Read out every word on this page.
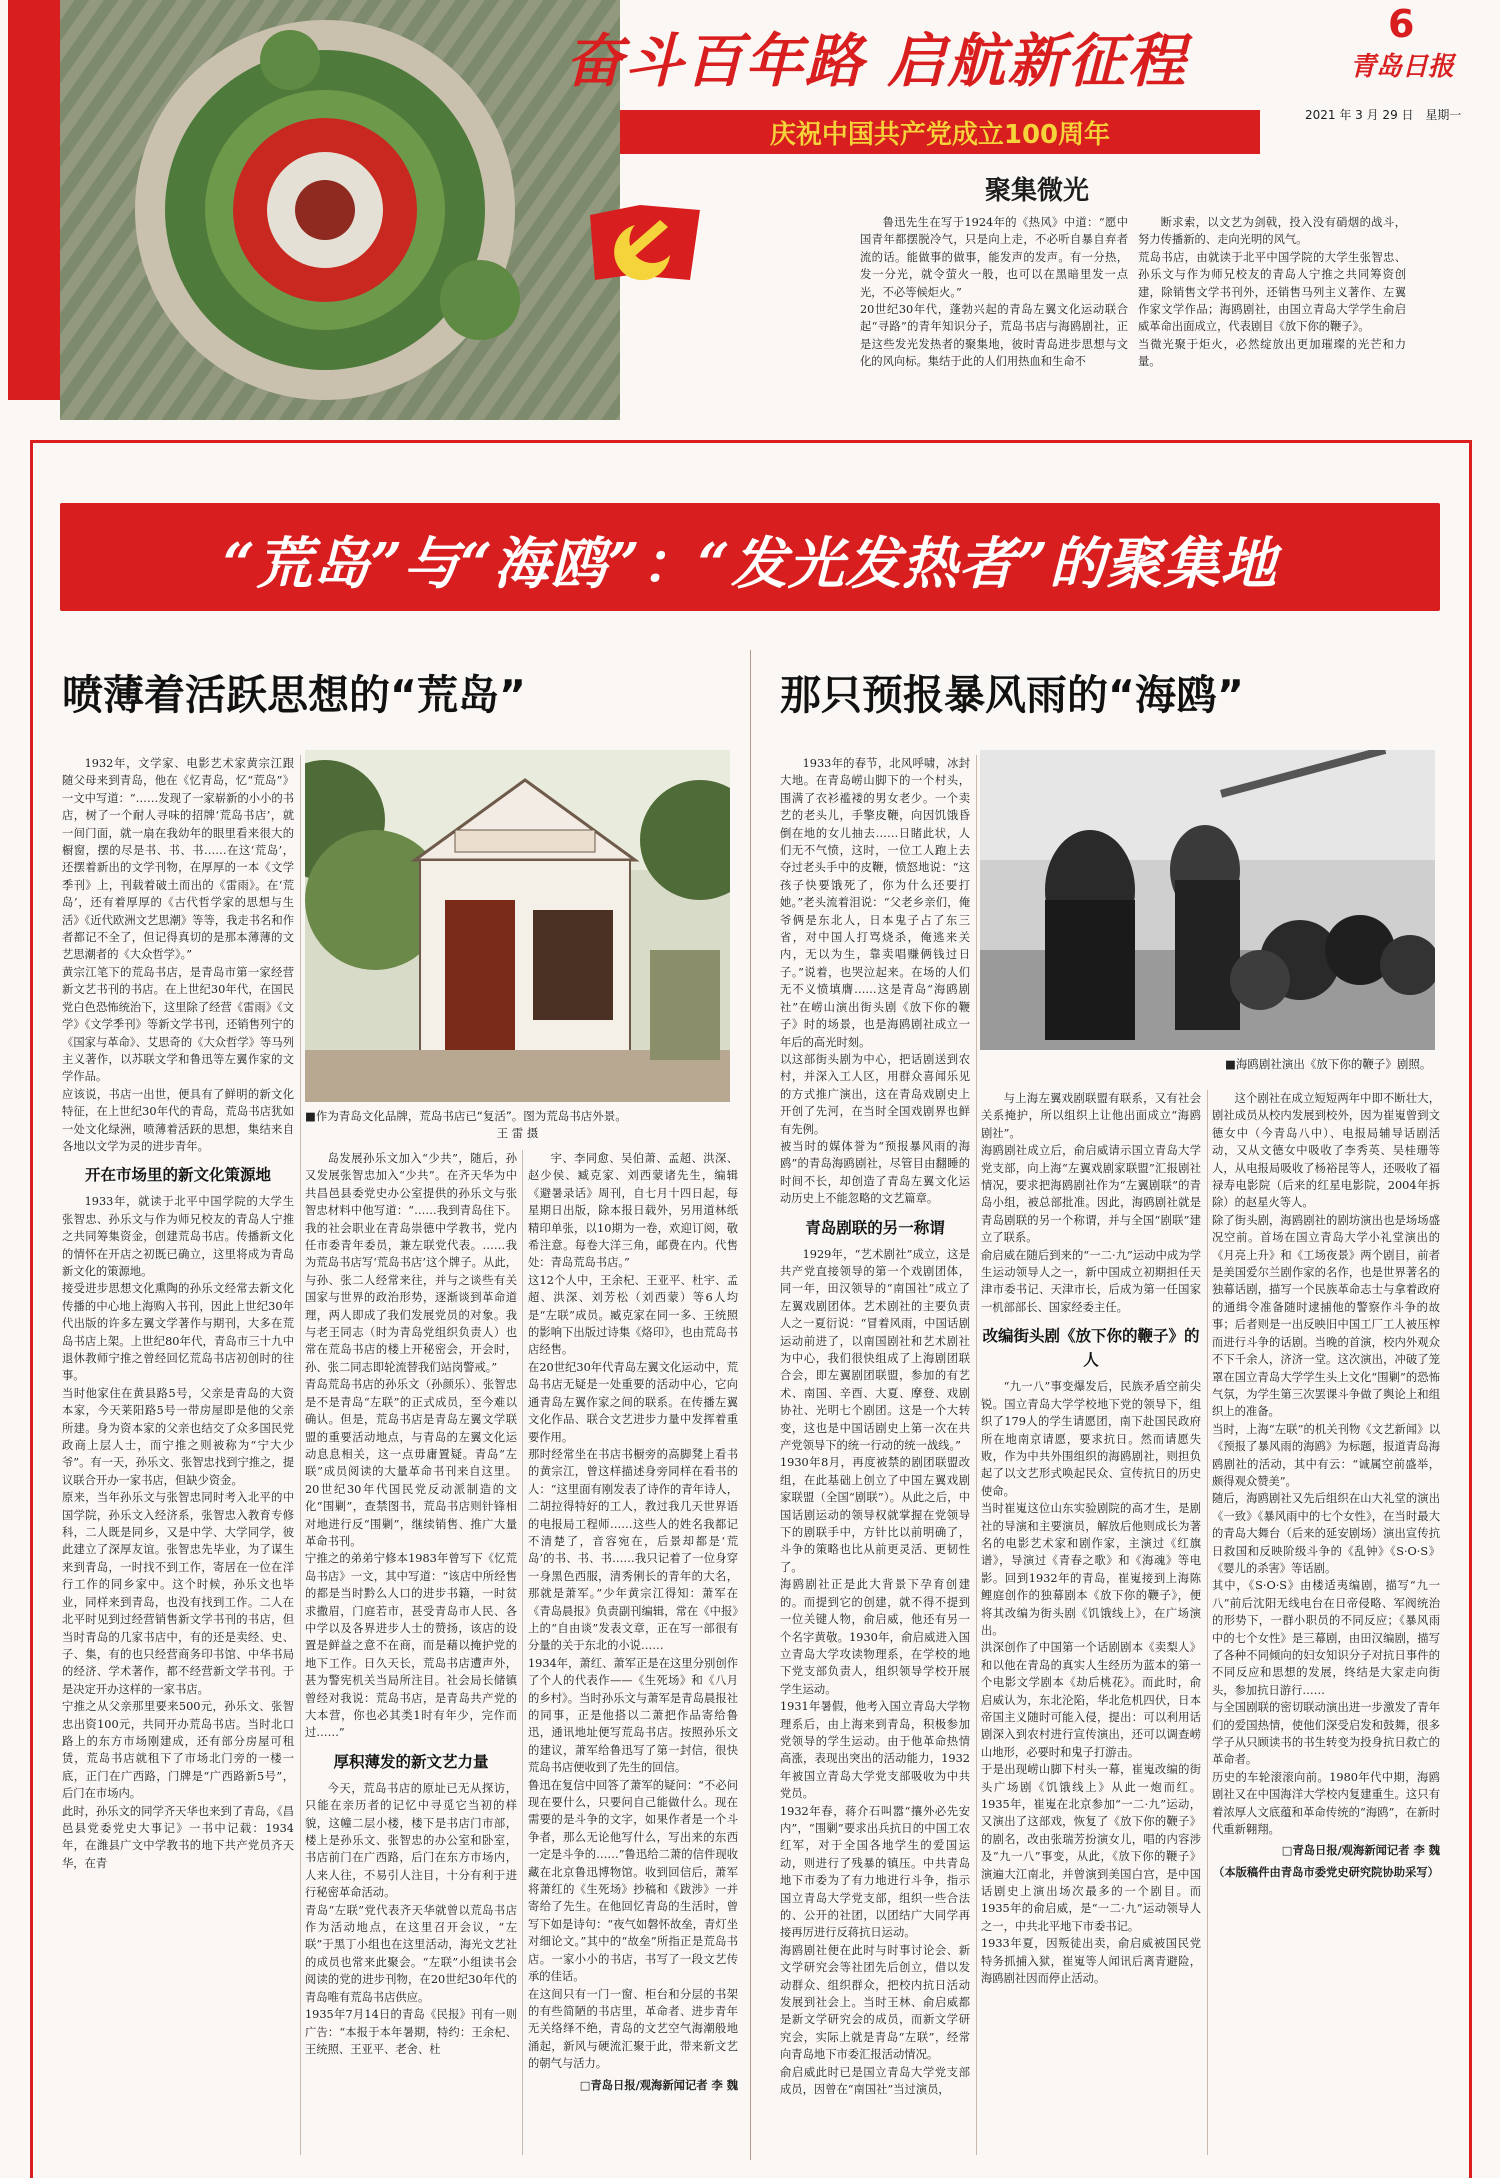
奋斗百年路 启航新征程
6
青岛日报
2021 年 3 月 29 日 星期一
庆祝中国共产党成立100周年
聚集微光

鲁迅先生在写于1924年的《热风》中道：“愿中国青年都摆脱冷气，只是向上走，不必听自暴自弃者流的话。能做事的做事，能发声的发声。有一分热，发一分光，就令萤火一般，也可以在黑暗里发一点光，不必等候炬火。”
20世纪30年代，蓬勃兴起的青岛左翼文化运动联合起“寻路”的青年知识分子，荒岛书店与海鸥剧社，正是这些发光发热者的聚集地，彼时青岛进步思想与文化的风向标。集结于此的人们用热血和生命不

断求索，以文艺为剑戟，投入没有硝烟的战斗，努力传播新的、走向光明的风气。
荒岛书店，由就读于北平中国学院的大学生张智忠、孙乐文与作为师兄校友的青岛人宁推之共同筹资创建，除销售文学书刊外，还销售马列主义著作、左翼作家文学作品；海鸥剧社，由国立青岛大学学生俞启威革命出面成立，代表剧目《放下你的鞭子》。
当微光聚于炬火，必然绽放出更加璀璨的光芒和力量。

“荒岛”与“海鸥”：“发光发热者”的聚集地
喷薄着活跃思想的“荒岛”
■作为青岛文化品牌，荒岛书店已“复活”。图为荒岛书店外景。
王 雷 摄

1932年，文学家、电影艺术家黄宗江跟随父母来到青岛，他在《忆青岛，忆“荒岛”》一文中写道：“……发现了一家崭新的小小的书店，树了一个耐人寻味的招牌‘荒岛书店’，就一间门面，就一扇在我幼年的眼里看来很大的橱窗，摆的尽是书、书、书……在这‘荒岛’，还摆着新出的文学刊物，在厚厚的一本《文学季刊》上，刊载着破土而出的《雷雨》。在‘荒岛’，还有着厚厚的《古代哲学家的思想与生活》《近代欧洲文艺思潮》等等，我走书名和作者都记不全了，但记得真切的是那本薄薄的文艺思潮者的《大众哲学》。”
黄宗江笔下的荒岛书店，是青岛市第一家经营新文艺书刊的书店。在上世纪30年代，在国民党白色恐怖统治下，这里除了经营《雷雨》《文学》《文学季刊》等新文学书刊，还销售列宁的《国家与革命》、艾思奇的《大众哲学》等马列主义著作，以苏联文学和鲁迅等左翼作家的文学作品。
应该说，书店一出世，便具有了鲜明的新文化特征，在上世纪30年代的青岛，荒岛书店犹如一处文化绿洲，喷薄着活跃的思想，集结来自各地以文学为灵的进步青年。

开在市场里的新文化策源地

1933年，就读于北平中国学院的大学生张智忠、孙乐文与作为师兄校友的青岛人宁推之共同筹集资金，创建荒岛书店。传播新文化的情怀在开店之初既已确立，这里将成为青岛新文化的策源地。
接受进步思想文化熏陶的孙乐文经常去新文化传播的中心地上海购入书刊，因此上世纪30年代出版的许多左翼文学著作与期刊，大多在荒岛书店上架。上世纪80年代，青岛市三十九中退休教师宁推之曾经回忆荒岛书店初创时的往事。
当时他家住在黄县路5号，父亲是青岛的大资本家，今天莱阳路5号一带房屋即是他的父亲所建。身为资本家的父亲也结交了众多国民党政商上层人士，而宁推之则被称为“宁大少爷”。有一天，孙乐文、张智忠找到宁推之，提议联合开办一家书店，但缺少资金。
原来，当年孙乐文与张智忠同时考入北平的中国学院，孙乐文入经济系，张智忠入教育专修科，二人既是同乡，又是中学、大学同学，彼此建立了深厚友谊。张智忠先毕业，为了谋生来到青岛，一时找不到工作，寄居在一位在洋行工作的同乡家中。这个时候，孙乐文也毕业，同样来到青岛，也没有找到工作。二人在北平时见到过经营销售新文学书刊的书店，但当时青岛的几家书店中，有的还是卖经、史、子、集，有的也只经营商务印书馆、中华书局的经济、学术著作，都不经营新文学书刊。于是决定开办这样的一家书店。
宁推之从父亲那里要来500元，孙乐文、张智忠出资100元，共同开办荒岛书店。当时北口路上的东方市场刚建成，还有部分房屋可租赁，荒岛书店就租下了市场北门旁的一楼一底，正门在广西路，门牌是“广西路新5号”，后门在市场内。
此时，孙乐文的同学齐天华也来到了青岛，《昌邑县党委党史大事记》一书中记载：1934年，在潍县广文中学教书的地下共产党员齐天华，在青

岛发展孙乐文加入“少共”，随后，孙又发展张智忠加入“少共”。在齐天华为中共昌邑县委党史办公室提供的孙乐文与张智忠材料中他写道：“……我到青岛住下。我的社会职业在青岛崇德中学教书，党内任市委青年委员，兼左联党代表。……我为荒岛书店写‘荒岛书店’这个牌子。从此，与孙、张二人经常来往，并与之谈些有关国家与世界的政治形势，逐渐谈到革命道理，两人即成了我们发展党员的对象。我与老王同志（时为青岛党组织负责人）也常在荒岛书店的楼上开秘密会，开会时，孙、张二同志即轮流替我们站岗警戒。”
青岛荒岛书店的孙乐文（孙颜乐）、张智忠是不是青岛“左联”的正式成员，至今难以确认。但是，荒岛书店是青岛左翼文学联盟的重要活动地点，与青岛的左翼文化运动息息相关，这一点毋庸置疑。青岛“左联”成员阅读的大量革命书刊来自这里。20世纪30年代国民党反动派制造的文化“围剿”，查禁图书，荒岛书店则针锋相对地进行反“围剿”，继续销售、推广大量革命书刊。
宁推之的弟弟宁修本1983年曾写下《忆荒岛书店》一文，其中写道：“该店中所经售的都是当时黔么人口的进步书籍，一时贫求撒眉，门庭若市，甚受青岛市人民、各中学以及各界进步人士的赞扬，该店的设置是鲜益之意不在商，而是藉以掩护党的地下工作。日久天长，荒岛书店遭声外，甚为警宪机关当局所注目。社会局长储镇曾经对我说：荒岛书店，是青岛共产党的大本营，你也必其类1时有年少，完作而过……”

厚积薄发的新文艺力量

今天，荒岛书店的原址已无从探访，只能在亲历者的记忆中寻觅它当初的样貌，这幢二层小楼，楼下是书店门市部，楼上是孙乐文、张智忠的办公室和卧室，书店前门在广西路，后门在东方市场内，人来人往，不易引人注目，十分有利于进行秘密革命活动。
青岛“左联”党代表齐天华就曾以荒岛书店作为活动地点，在这里召开会议，“左联”于黑丁小组也在这里活动，海光文艺社的成员也常来此聚会。“左联”小组读书会阅读的党的进步刊物，在20世纪30年代的青岛唯有荒岛书店供应。
1935年7月14日的青岛《民报》刊有一则广告：“本报于本年暑期，特约：王余杞、王统照、王亚平、老舍、杜

宇、李同愈、吴伯萧、孟超、洪深、赵少侯、臧克家、刘西蒙诸先生，编辑《避暑录话》周刊，自七月十四日起，每星期日出版，除本报日载外，另用道林纸精印单张，以10期为一卷，欢迎订阅，敬希注意。每卷大洋三角，邮费在内。代售处：青岛荒岛书店。”
这12个人中，王余杞、王亚平、杜宇、孟超、洪深、刘芳松（刘西蒙）等6人均是“左联”成员。臧克家在同一多、王统照的影响下出版过诗集《烙印》，也由荒岛书店经售。
在20世纪30年代青岛左翼文化运动中，荒岛书店无疑是一处重要的活动中心，它向通青岛左翼作家之间的联系。在传播左翼文化作品、联合文艺进步力量中发挥着重要作用。
那时经常坐在书店书橱旁的高脚凳上看书的黄宗江，曾这样描述身旁同样在看书的人：“这里面有刚发表了诗作的青年诗人，二胡拉得特好的工人，教过我几天世界语的电报局工程师……这些人的姓名我都记不清楚了，音容宛在，后景却都是‘荒岛’的书、书、书……我只记着了一位身穿一身黑色西服，清秀俐长的青年的大名，那就是萧军。”少年黄宗江得知：萧军在《青岛晨报》负责副刊编辑，常在《中报》上的“自由谈”发表文章，正在写一部很有分量的关于东北的小说……
1934年，萧红、萧军正是在这里分别创作了个人的代表作——《生死场》和《八月的乡村》。当时孙乐文与萧军是青岛晨报社的同事，正是他搭以二萧把作品寄给鲁迅，通讯地址便写荒岛书店。按照孙乐文的建议，萧军给鲁迅写了第一封信，很快荒岛书店便收到了先生的回信。
鲁迅在复信中回答了萧军的疑问：“不必问现在要什么，只要问自己能做什么。现在需要的是斗争的文字，如果作者是一个斗争者，那么无论他写什么，写出来的东西一定是斗争的……”鲁迅给二萧的信件现收藏在北京鲁迅博物馆。收到回信后，萧军将萧红的《生死场》抄稿和《跋涉》一并寄给了先生。在他回忆青岛的生活时，曾写下如是诗句：“夜气如磐怀故垒，青灯坐对细论文。”其中的“故垒”所指正是荒岛书店。一家小小的书店，书写了一段文艺传承的佳话。
在这间只有一门一窗、柜台和分层的书架的有些简陋的书店里，革命者、进步青年无关络绎不绝，青岛的文艺空气海潮般地涌起，新风与硬流汇聚于此，带来新文艺的朝气与活力。

□青岛日报/观海新闻记者 李 魏
那只预报暴风雨的“海鸥”
■海鸥剧社演出《放下你的鞭子》剧照。

1933年的春节，北风呼啸，冰封大地。在青岛崂山脚下的一个村头，围满了衣衫褴褛的男女老少。一个卖艺的老头儿，手擎皮鞭，向因饥饿昏倒在地的女儿抽去……日睹此状，人们无不气愤，这时，一位工人跑上去夺过老头手中的皮鞭，愤怒地说：“这孩子快要饿死了，你为什么还要打她。”老头流着泪说：“父老乡亲们，俺爷俩是东北人，日本鬼子占了东三省，对中国人打骂烧杀，俺逃来关内，无以为生，靠卖唱赚俩钱过日子。”说着，也哭泣起来。在场的人们无不义愤填膺……这是青岛“海鸥剧社”在崂山演出街头剧《放下你的鞭子》时的场景，也是海鸥剧社成立一年后的高光时刻。
以这部街头剧为中心，把话剧送到农村，并深入工人区，用群众喜闻乐见的方式推广演出，这在青岛戏剧史上开创了先河，在当时全国戏剧界也鲜有先例。
被当时的媒体誉为“预报暴风雨的海鸥”的青岛海鸥剧社，尽管目由翻睡的时间不长，却创造了青岛左翼文化运动历史上不能忽略的文艺篇章。

青岛剧联的另一称谓

1929年，“艺术剧社”成立，这是共产党直接领导的第一个戏剧团体，同一年，田汉领导的“南国社”成立了左翼戏剧团体。艺术剧社的主要负责人之一夏衍说：“冒着风雨，中国话剧运动前进了，以南国剧社和艺术剧社为中心，我们很快组成了上海剧团联合会，即左翼剧团联盟，参加的有艺术、南国、辛酉、大夏、摩登、戏剧协社、光明七个剧团。这是一个大转变，这也是中国话剧史上第一次在共产党领导下的统一行动的统一战线。”
1930年8月，再度被禁的剧团联盟改组，在此基础上创立了中国左翼戏剧家联盟（全国“剧联”）。从此之后，中国话剧运动的领导权就掌握在党领导下的剧联手中，方针比以前明确了，斗争的策略也比从前更灵活、更韧性了。
海鸥剧社正是此大背景下孕育创建的。而提到它的创建，就不得不提到一位关键人物，俞启威，他还有另一个名字黄敬。1930年，俞启威进入国立青岛大学攻读物理系，在学校的地下党支部负责人，组织领导学校开展学生运动。
1931年暑假，他考入国立青岛大学物理系后，由上海来到青岛，积极参加党领导的学生运动。由于他革命热情高涨，表现出突出的活动能力，1932年被国立青岛大学党支部吸收为中共党员。
1932年春，蒋介石叫嚣“攘外必先安内”，“围剿”要求出兵抗日的中国工农红军，对于全国各地学生的爱国运动，则进行了残暴的镇压。中共青岛地下市委为了有力地进行斗争，指示国立青岛大学党支部，组织一些合法的、公开的社团，以团结广大同学再接再厉进行反蒋抗日运动。
海鸥剧社便在此时与时事讨论会、新文学研究会等社团先后创立，借以发动群众、组织群众，把校内抗日活动发展到社会上。当时王林、俞启威都是新文学研究会的成员，而新文学研究会，实际上就是青岛“左联”，经常向青岛地下市委汇报活动情况。
俞启威此时已是国立青岛大学党支部成员，因曾在“南国社”当过演员，

与上海左翼戏剧联盟有联系，又有社会关系掩护，所以组织上让他出面成立“海鸥剧社”。
海鸥剧社成立后，俞启威请示国立青岛大学党支部，向上海“左翼戏剧家联盟”汇报剧社情况，要求把海鸥剧社作为“左翼剧联”的青岛小组，被总部批准。因此，海鸥剧社就是青岛剧联的另一个称谓，并与全国“剧联”建立了联系。
俞启威在随后到来的“一二·九”运动中成为学生运动领导人之一，新中国成立初期担任天津市委书记、天津市长，后成为第一任国家一机部部长、国家经委主任。

改编街头剧《放下你的鞭子》的人

“九一八”事变爆发后，民族矛盾空前尖锐。国立青岛大学学校地下党的领导下，组织了179人的学生请愿团，南下赴国民政府所在地南京请愿，要求抗日。然而请愿失败，作为中共外围组织的海鸥剧社，则担负起了以文艺形式唤起民众、宣传抗日的历史使命。
当时崔嵬这位山东实验剧院的高才生，是剧社的导演和主要演员，解放后他则成长为著名的电影艺术家和剧作家，主演过《红旗谱》，导演过《青春之歌》和《海魂》等电影。回到1932年的青岛，崔嵬接到上海陈鲤庭创作的独幕剧本《放下你的鞭子》，便将其改编为街头剧《饥饿线上》，在广场演出。
洪深创作了中国第一个话剧剧本《卖梨人》和以他在青岛的真实人生经历为蓝本的第一个电影文学剧本《劫后桃花》。而此时，俞启威认为，东北沦陷，华北危机四伏，日本帝国主义随时可能入侵，提出：可以利用话剧深入到农村进行宣传演出，还可以调查崂山地形，必要时和鬼子打游击。
于是出现崂山脚下村头一幕，崔嵬改编的街头广场剧《饥饿线上》从此一炮而红。1935年，崔嵬在北京参加“一二·九”运动，又演出了这部戏，恢复了《放下你的鞭子》的剧名，改由张瑞芳扮演女儿，唱的内容涉及“九一八”事变，从此，《放下你的鞭子》演遍大江南北，并曾演到美国白宫，是中国话剧史上演出场次最多的一个剧目。而1935年的俞启威，是“一二·九”运动领导人之一，中共北平地下市委书记。
1933年夏，因叛徒出卖，俞启威被国民党特务抓捕入狱，崔嵬等人闻讯后离青避险，海鸥剧社因而停止活动。

这个剧社在成立短短两年中即不断壮大，剧社成员从校内发展到校外，因为崔嵬曾到文德女中（今青岛八中）、电报局辅导话剧活动，又从文德女中吸收了李秀英、吴桂珊等人，从电报局吸收了杨裕昆等人，还吸收了福禄寿电影院（后来的红星电影院，2004年拆除）的赵星火等人。
除了街头剧，海鸥剧社的剧坊演出也是场场盛况空前。首场在国立青岛大学小礼堂演出的《月亮上升》和《工场夜景》两个剧目，前者是美国爱尔兰剧作家的名作，也是世界著名的独幕话剧，描写一个民族革命志士与拿着政府的通缉令准备随时逮捕他的警察作斗争的故事；后者则是一出反映旧中国工厂工人被压榨而进行斗争的话剧。当晚的首演，校内外观众不下千余人，济济一堂。这次演出，冲破了笼罩在国立青岛大学学生头上文化“围剿”的恐怖气氛，为学生第三次罢课斗争做了舆论上和组织上的准备。
当时，上海“左联”的机关刊物《文艺新闻》以《预报了暴风雨的海鸥》为标题，报道青岛海鸥剧社的活动，其中有云：“诚属空前盛举，颇得观众赞美”。
随后，海鸥剧社又先后组织在山大礼堂的演出《一致》《暴风雨中的七个女性》，在当时最大的青岛大舞台（后来的延安剧场）演出宣传抗日救国和反映阶级斗争的《乱钟》《S·O·S》《婴儿的杀害》等话剧。
其中，《S·O·S》由楼适夷编剧，描写“九一八”前后沈阳无线电台在日帝侵略、军阀统治的形势下，一群小职员的不同反应；《暴风雨中的七个女性》是三幕剧，由田汉编剧，描写了各种不同倾向的妇女知识分子对抗日事件的不同反应和思想的发展，终结是大家走向街头，参加抗日游行……
与全国剧联的密切联动演出进一步激发了青年们的爱国热情，使他们深受启发和鼓舞，很多学子从只顾读书的书生转变为投身抗日救亡的革命者。
历史的车轮滚滚向前。1980年代中期，海鸥剧社又在中国海洋大学校内复建重生。这只有着浓厚人文底蕴和革命传统的“海鸥”，在新时代重新翱翔。

□青岛日报/观海新闻记者 李 魏
（本版稿件由青岛市委党史研究院协助采写）
